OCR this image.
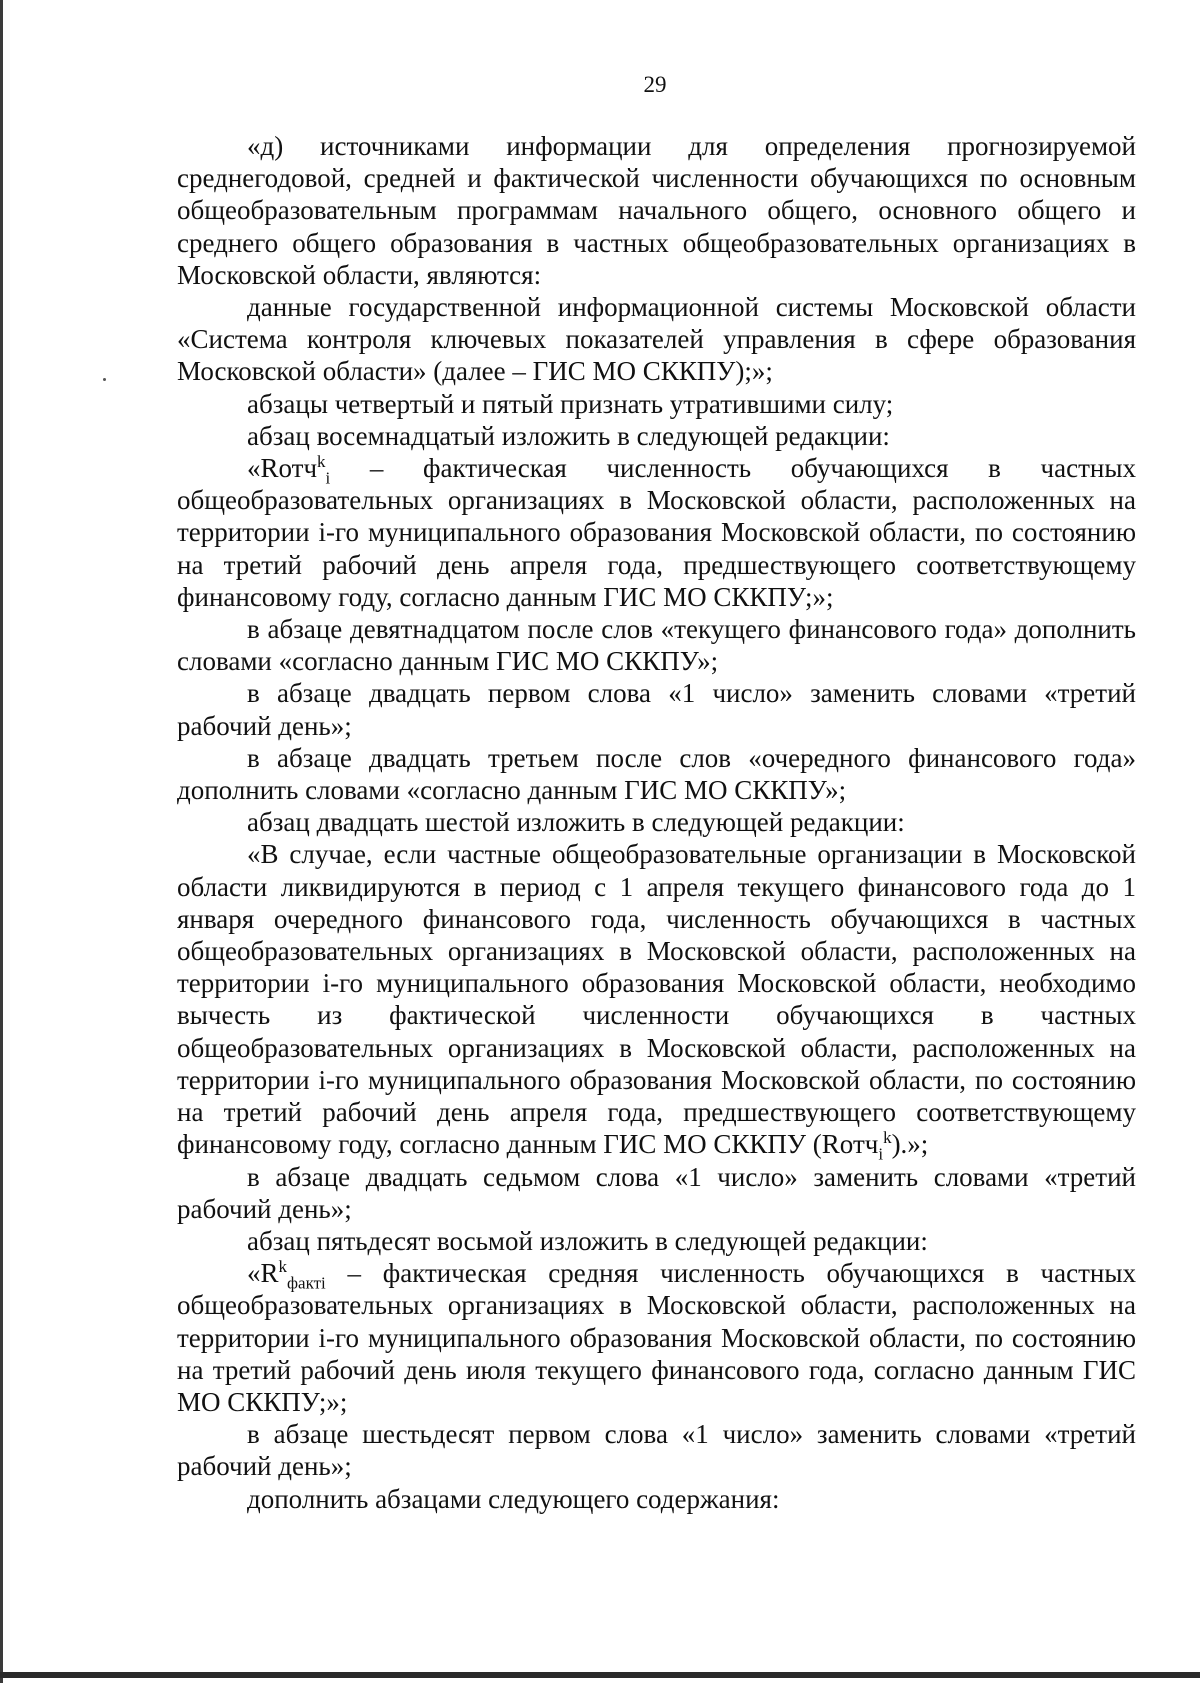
29

«д) источниками информации для определения прогнозируемой среднегодовой, средней и фактической численности обучающихся по основным общеобразовательным программам начального общего, основного общего и среднего общего образования в частных общеобразовательных организациях в Московской области, являются:

данные государственной информационной системы Московской области «Система контроля ключевых показателей управления в сфере образования Московской области» (далее – ГИС МО СККПУ);»;

абзацы четвертый и пятый признать утратившими силу;

абзац восемнадцатый изложить в следующей редакции:

«Rотч$^k_i$ – фактическая численность обучающихся в частных общеобразовательных организациях в Московской области, расположенных на территории i-го муниципального образования Московской области, по состоянию на третий рабочий день апреля года, предшествующего соответствующему финансовому году, согласно данным ГИС МО СККПУ;»;

в абзаце девятнадцатом после слов «текущего финансового года» дополнить словами «согласно данным ГИС МО СККПУ»;

в абзаце двадцать первом слова «1 число» заменить словами «третий рабочий день»;

в абзаце двадцать третьем после слов «очередного финансового года» дополнить словами «согласно данным ГИС МО СККПУ»;

абзац двадцать шестой изложить в следующей редакции:

«В случае, если частные общеобразовательные организации в Московской области ликвидируются в период с 1 апреля текущего финансового года до 1 января очередного финансового года, численность обучающихся в частных общеобразовательных организациях в Московской области, расположенных на территории i-го муниципального образования Московской области, необходимо вычесть из фактической численности обучающихся в частных общеобразовательных организациях в Московской области, расположенных на территории i-го муниципального образования Московской области, по состоянию на третий рабочий день апреля года, предшествующего соответствующему финансовому году, согласно данным ГИС МО СККПУ (Rотч$_i^k$).»;

в абзаце двадцать седьмом слова «1 число» заменить словами «третий рабочий день»;

абзац пятьдесят восьмой изложить в следующей редакции:

«$R^k_{факті}$ – фактическая средняя численность обучающихся в частных общеобразовательных организациях в Московской области, расположенных на территории i-го муниципального образования Московской области, по состоянию на третий рабочий день июля текущего финансового года, согласно данным ГИС МО СККПУ;»;

в абзаце шестьдесят первом слова «1 число» заменить словами «третий рабочий день»;

дополнить абзацами следующего содержания:
